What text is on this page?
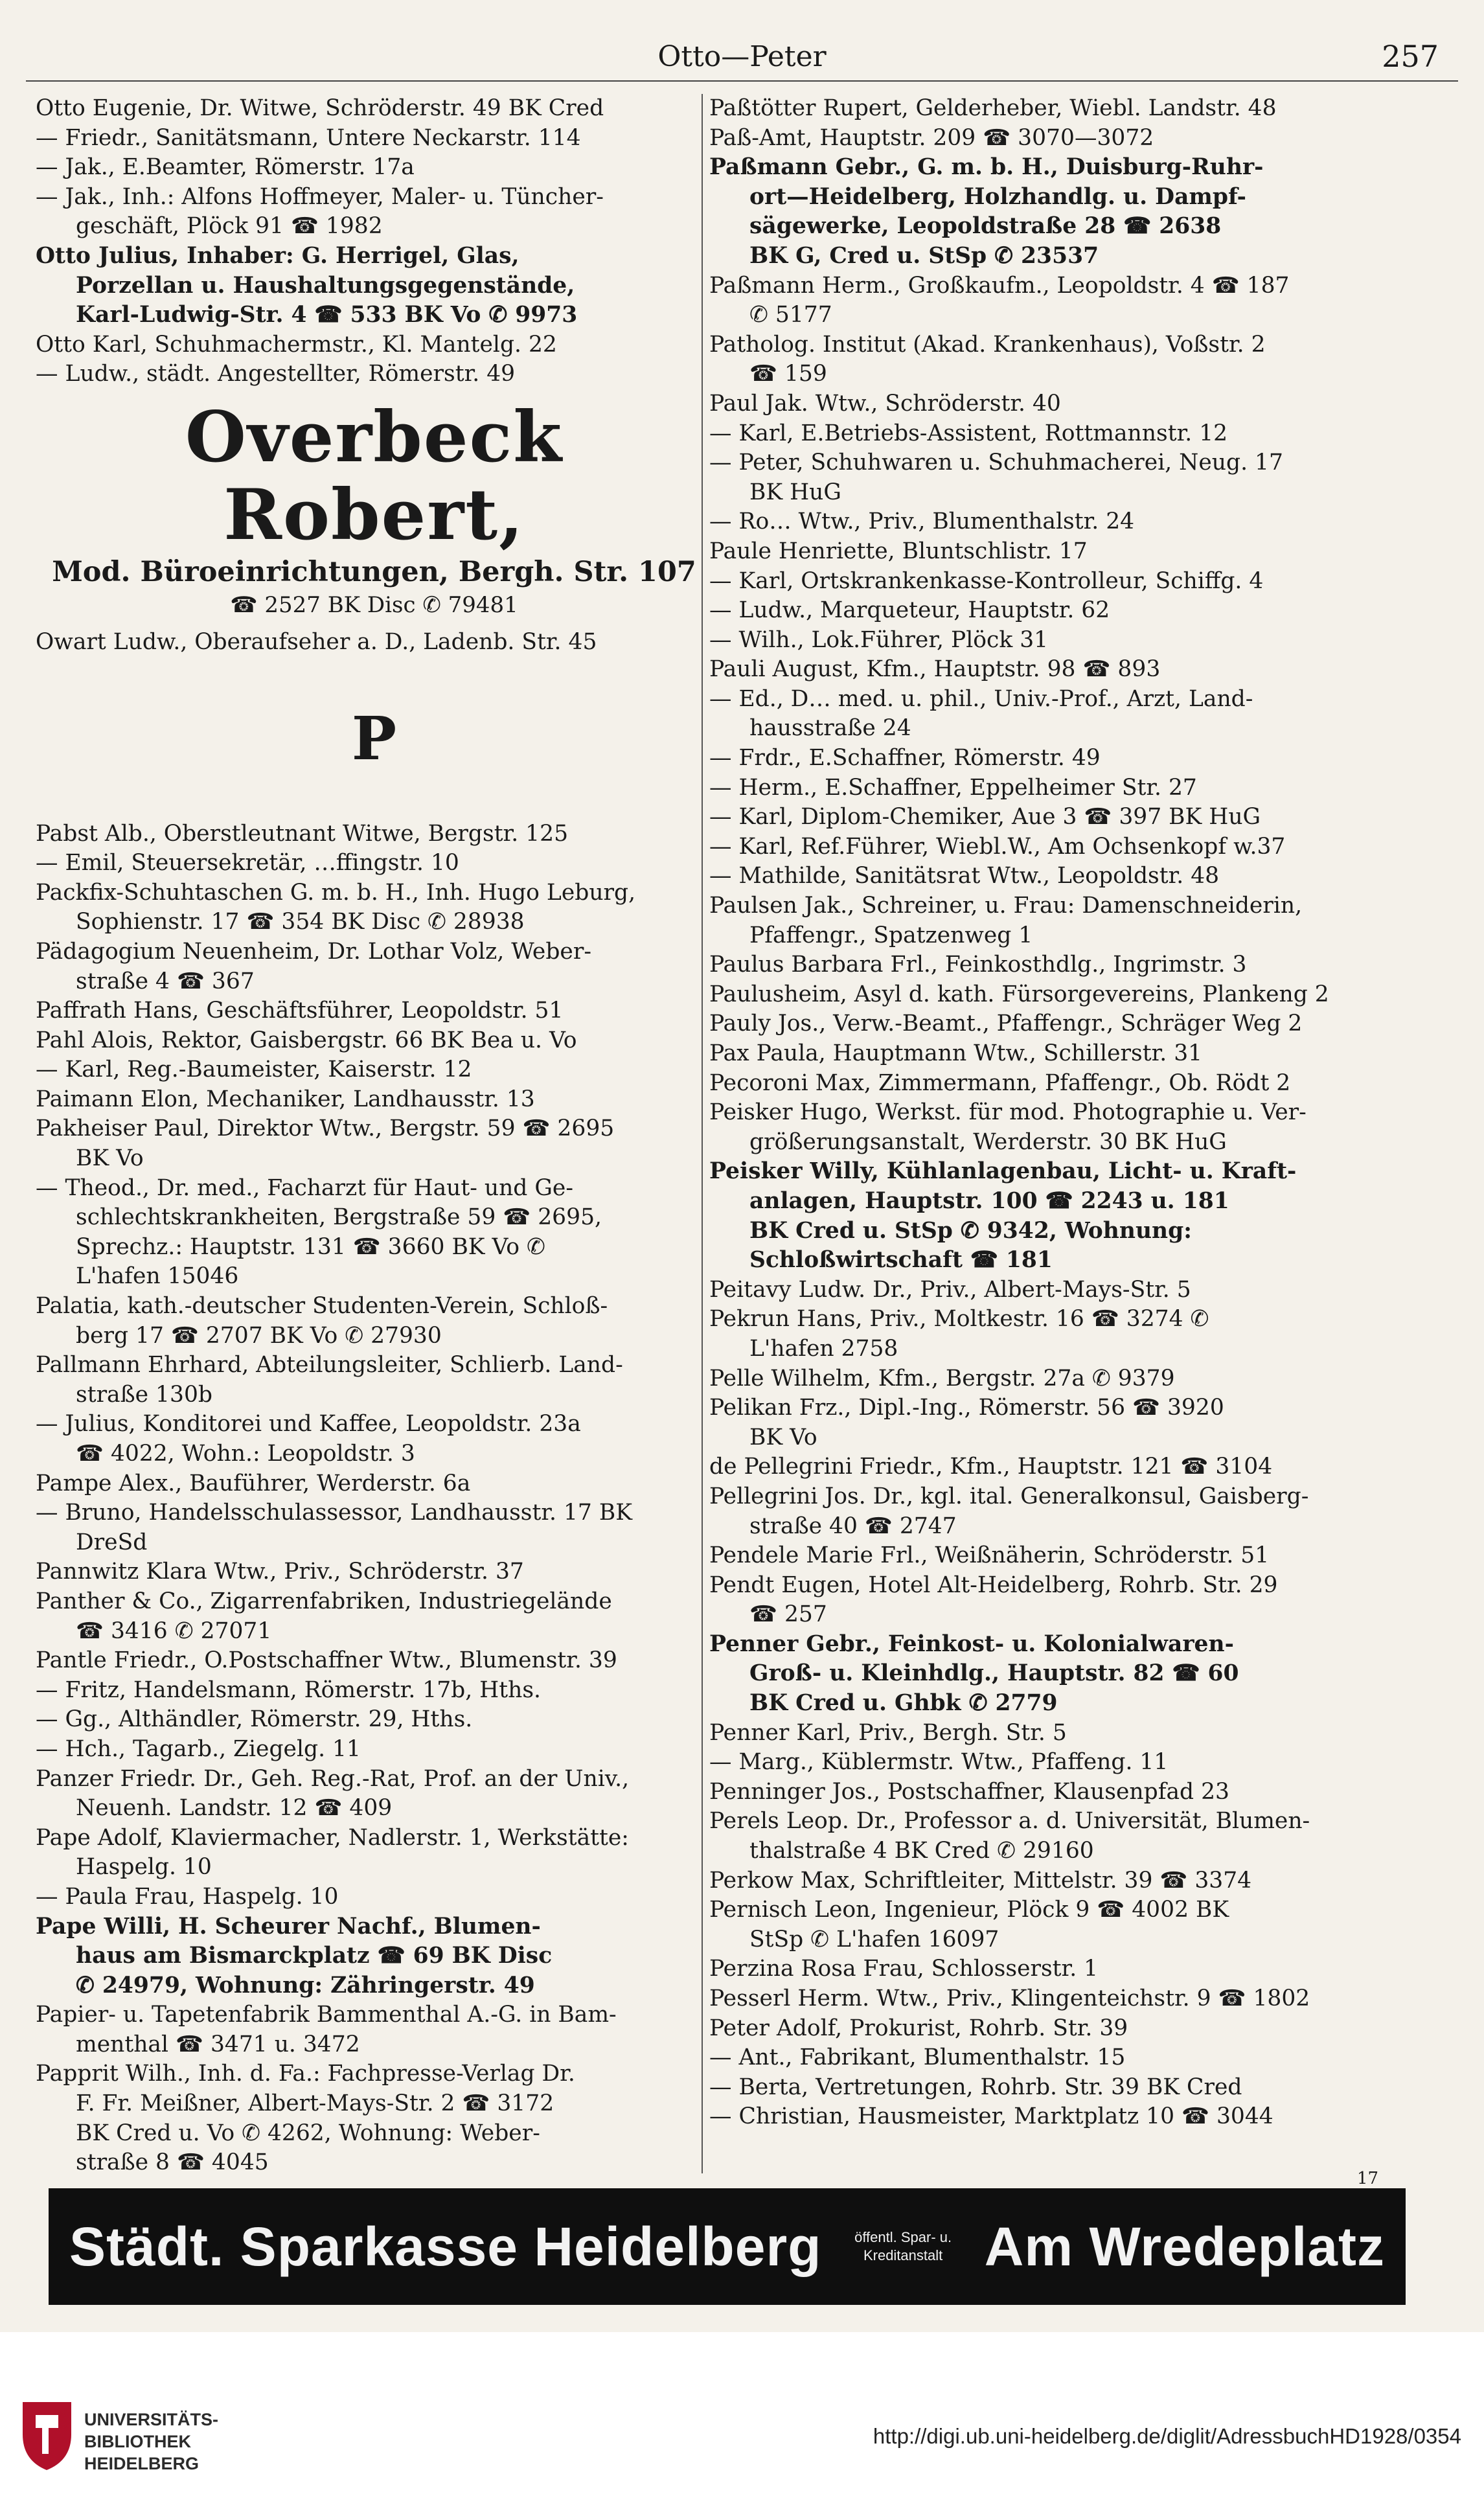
Otto—Peter	257
Otto Eugenie, Dr. Witwe, Schröderstr. 49 BK Cred
— Friedr., Sanitätsmann, Untere Neckarstr. 114
— Jak., E.Beamter, Römerstr. 17a
— Jak., Inh.: Alfons Hoffmeyer, Maler- u. Tüncher-
geschäft, Plöck 91 ☎ 1982
Otto Julius, Inhaber: G. Herrigel, Glas,
Porzellan u. Haushaltungsgegenstände,
Karl-Ludwig-Str. 4 ☎ 533 BK Vo ✆ 9973
Otto Karl, Schuhmachermstr., Kl. Mantelg. 22
— Ludw., städt. Angestellter, Römerstr. 49
Overbeck Robert,
Mod. Büroeinrichtungen, Bergh. Str. 107
☎ 2527 BK Disc ✆ 79481
Owart Ludw., Oberaufseher a. D., Ladenb. Str. 45
P
Pabst Alb., Oberstleutnant Witwe, Bergstr. 125
— Emil, Steuersekretär, …ffingstr. 10
Packfix-Schuhtaschen G. m. b. H., Inh. Hugo Leburg,
Sophienstr. 17 ☎ 354 BK Disc ✆ 28938
Pädagogium Neuenheim, Dr. Lothar Volz, Weber-
straße 4 ☎ 367
Paffrath Hans, Geschäftsführer, Leopoldstr. 51
Pahl Alois, Rektor, Gaisbergstr. 66 BK Bea u. Vo
— Karl, Reg.-Baumeister, Kaiserstr. 12
Paimann Elon, Mechaniker, Landhausstr. 13
Pakheiser Paul, Direktor Wtw., Bergstr. 59 ☎ 2695
BK Vo
— Theod., Dr. med., Facharzt für Haut- und Ge-
schlechtskrankheiten, Bergstraße 59 ☎ 2695,
Sprechz.: Hauptstr. 131 ☎ 3660 BK Vo ✆
L'hafen 15046
Palatia, kath.-deutscher Studenten-Verein, Schloß-
berg 17 ☎ 2707 BK Vo ✆ 27930
Pallmann Ehrhard, Abteilungsleiter, Schlierb. Land-
straße 130b
— Julius, Konditorei und Kaffee, Leopoldstr. 23a
☎ 4022, Wohn.: Leopoldstr. 3
Pampe Alex., Bauführer, Werderstr. 6a
— Bruno, Handelsschulassessor, Landhausstr. 17 BK
DreSd
Pannwitz Klara Wtw., Priv., Schröderstr. 37
Panther & Co., Zigarrenfabriken, Industriegelände
☎ 3416 ✆ 27071
Pantle Friedr., O.Postschaffner Wtw., Blumenstr. 39
— Fritz, Handelsmann, Römerstr. 17b, Hths.
— Gg., Althändler, Römerstr. 29, Hths.
— Hch., Tagarb., Ziegelg. 11
Panzer Friedr. Dr., Geh. Reg.-Rat, Prof. an der Univ.,
Neuenh. Landstr. 12 ☎ 409
Pape Adolf, Klaviermacher, Nadlerstr. 1, Werkstätte:
Haspelg. 10
— Paula Frau, Haspelg. 10
Pape Willi, H. Scheurer Nachf., Blumen-
haus am Bismarckplatz ☎ 69 BK Disc
✆ 24979, Wohnung: Zähringerstr. 49
Papier- u. Tapetenfabrik Bammenthal A.-G. in Bam-
menthal ☎ 3471 u. 3472
Papprit Wilh., Inh. d. Fa.: Fachpresse-Verlag Dr.
F. Fr. Meißner, Albert-Mays-Str. 2 ☎ 3172
BK Cred u. Vo ✆ 4262, Wohnung: Weber-
straße 8 ☎ 4045
Paßtötter Rupert, Gelderheber, Wiebl. Landstr. 48
Paß-Amt, Hauptstr. 209 ☎ 3070—3072
Paßmann Gebr., G. m. b. H., Duisburg-Ruhr-
ort—Heidelberg, Holzhandlg. u. Dampf-
sägewerke, Leopoldstraße 28 ☎ 2638
BK G, Cred u. StSp ✆ 23537
Paßmann Herm., Großkaufm., Leopoldstr. 4 ☎ 187
✆ 5177
Patholog. Institut (Akad. Krankenhaus), Voßstr. 2
☎ 159
Paul Jak. Wtw., Schröderstr. 40
— Karl, E.Betriebs-Assistent, Rottmannstr. 12
— Peter, Schuhwaren u. Schuhmacherei, Neug. 17
BK HuG
— Ro… Wtw., Priv., Blumenthalstr. 24
Paule Henriette, Bluntschlistr. 17
— Karl, Ortskrankenkasse-Kontrolleur, Schiffg. 4
— Ludw., Marqueteur, Hauptstr. 62
— Wilh., Lok.Führer, Plöck 31
Pauli August, Kfm., Hauptstr. 98 ☎ 893
— Ed., D… med. u. phil., Univ.-Prof., Arzt, Land-
hausstraße 24
— Frdr., E.Schaffner, Römerstr. 49
— Herm., E.Schaffner, Eppelheimer Str. 27
— Karl, Diplom-Chemiker, Aue 3 ☎ 397 BK HuG
— Karl, Ref.Führer, Wiebl.W., Am Ochsenkopf w.37
— Mathilde, Sanitätsrat Wtw., Leopoldstr. 48
Paulsen Jak., Schreiner, u. Frau: Damenschneiderin,
Pfaffengr., Spatzenweg 1
Paulus Barbara Frl., Feinkosthdlg., Ingrimstr. 3
Paulusheim, Asyl d. kath. Fürsorgevereins, Plankeng 2
Pauly Jos., Verw.-Beamt., Pfaffengr., Schräger Weg 2
Pax Paula, Hauptmann Wtw., Schillerstr. 31
Pecoroni Max, Zimmermann, Pfaffengr., Ob. Rödt 2
Peisker Hugo, Werkst. für mod. Photographie u. Ver-
größerungsanstalt, Werderstr. 30 BK HuG
Peisker Willy, Kühlanlagenbau, Licht- u. Kraft-
anlagen, Hauptstr. 100 ☎ 2243 u. 181
BK Cred u. StSp ✆ 9342, Wohnung:
Schloßwirtschaft ☎ 181
Peitavy Ludw. Dr., Priv., Albert-Mays-Str. 5
Pekrun Hans, Priv., Moltkestr. 16 ☎ 3274 ✆
L'hafen 2758
Pelle Wilhelm, Kfm., Bergstr. 27a ✆ 9379
Pelikan Frz., Dipl.-Ing., Römerstr. 56 ☎ 3920
BK Vo
de Pellegrini Friedr., Kfm., Hauptstr. 121 ☎ 3104
Pellegrini Jos. Dr., kgl. ital. Generalkonsul, Gaisberg-
straße 40 ☎ 2747
Pendele Marie Frl., Weißnäherin, Schröderstr. 51
Pendt Eugen, Hotel Alt-Heidelberg, Rohrb. Str. 29
☎ 257
Penner Gebr., Feinkost- u. Kolonialwaren-
Groß- u. Kleinhdlg., Hauptstr. 82 ☎ 60
BK Cred u. Ghbk ✆ 2779
Penner Karl, Priv., Bergh. Str. 5
— Marg., Küblermstr. Wtw., Pfaffeng. 11
Penninger Jos., Postschaffner, Klausenpfad 23
Perels Leop. Dr., Professor a. d. Universität, Blumen-
thalstraße 4 BK Cred ✆ 29160
Perkow Max, Schriftleiter, Mittelstr. 39 ☎ 3374
Pernisch Leon, Ingenieur, Plöck 9 ☎ 4002 BK
StSp ✆ L'hafen 16097
Perzina Rosa Frau, Schlosserstr. 1
Pesserl Herm. Wtw., Priv., Klingenteichstr. 9 ☎ 1802
Peter Adolf, Prokurist, Rohrb. Str. 39
— Ant., Fabrikant, Blumenthalstr. 15
— Berta, Vertretungen, Rohrb. Str. 39 BK Cred
— Christian, Hausmeister, Marktplatz 10 ☎ 3044
17
Städt. Sparkasse Heidelberg	öffentl. Spar- u.
Kreditanstalt Am Wredeplatz
UNIVERSITÄTS-
BIBLIOTHEK
HEIDELBERG
http://digi.ub.uni-heidelberg.de/diglit/AdressbuchHD1928/0354
